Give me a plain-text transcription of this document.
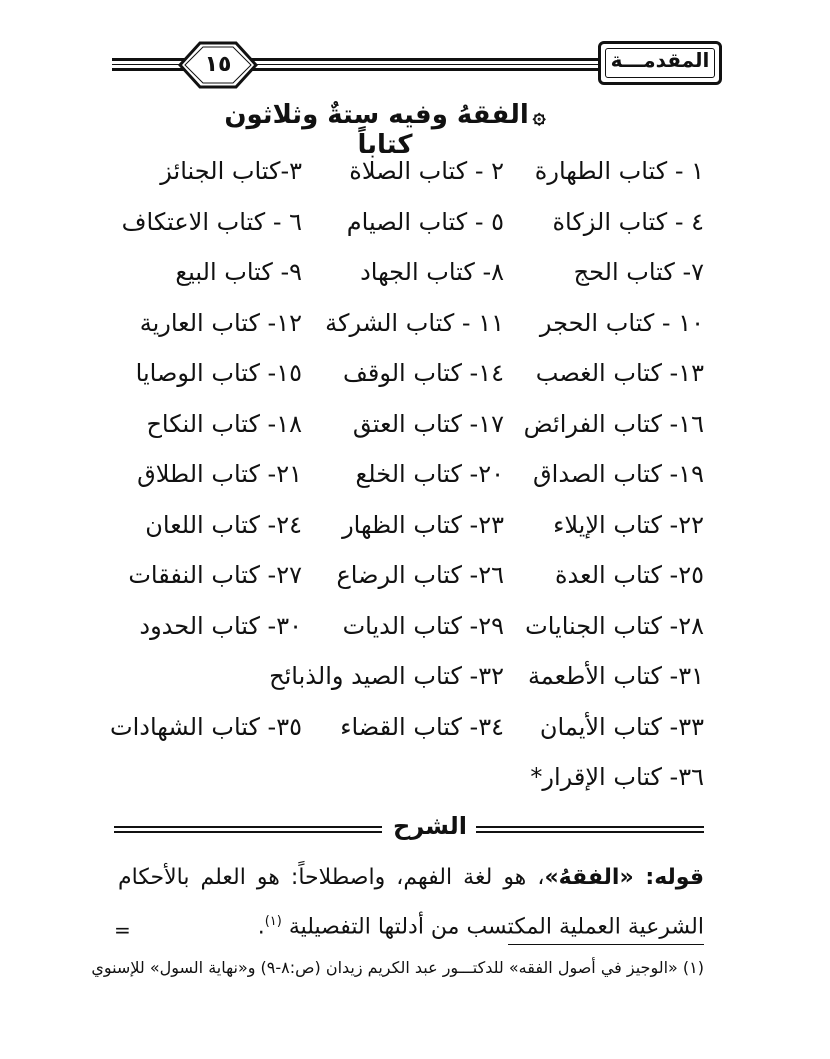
١٥	المقدمـــة
۞الفقهُ وفيه ستةٌ وثلاثون كتاباً
١ - كتاب الطهارة
٢ - كتاب الصلاة
٣-كتاب الجنائز
٤ - كتاب الزكاة
٥ - كتاب الصيام
٦ - كتاب الاعتكاف
٧- كتاب الحج
٨- كتاب الجهاد
٩- كتاب البيع
١٠ - كتاب الحجر
١١ - كتاب الشركة
١٢- كتاب العارية
١٣- كتاب الغصب
١٤- كتاب الوقف
١٥- كتاب الوصايا
١٦- كتاب الفرائض
١٧- كتاب العتق
١٨- كتاب النكاح
١٩- كتاب الصداق
٢٠- كتاب الخلع
٢١- كتاب الطلاق
٢٢- كتاب الإيلاء
٢٣- كتاب الظهار
٢٤- كتاب اللعان
٢٥- كتاب العدة
٢٦- كتاب الرضاع
٢٧- كتاب النفقات
٢٨- كتاب الجنايات
٢٩- كتاب الديات
٣٠- كتاب الحدود
٣١- كتاب الأطعمة
٣٢- كتاب الصيد والذبائح
٣٣- كتاب الأيمان
٣٤- كتاب القضاء
٣٥- كتاب الشهادات
٣٦- كتاب الإقرار*
الشرح
قوله: «الفقهُ»، هو لغة الفهم، واصطلاحاً: هو العلم بالأحكام الشرعية العملية المكتسب من أدلتها التفصيلية $^{(١)}$.
=
(١) «الوجيز في أصول الفقه» للدكتـــور عبد الكريم زيدان (ص:٨-٩) و«نهاية السول» للإسنوي
